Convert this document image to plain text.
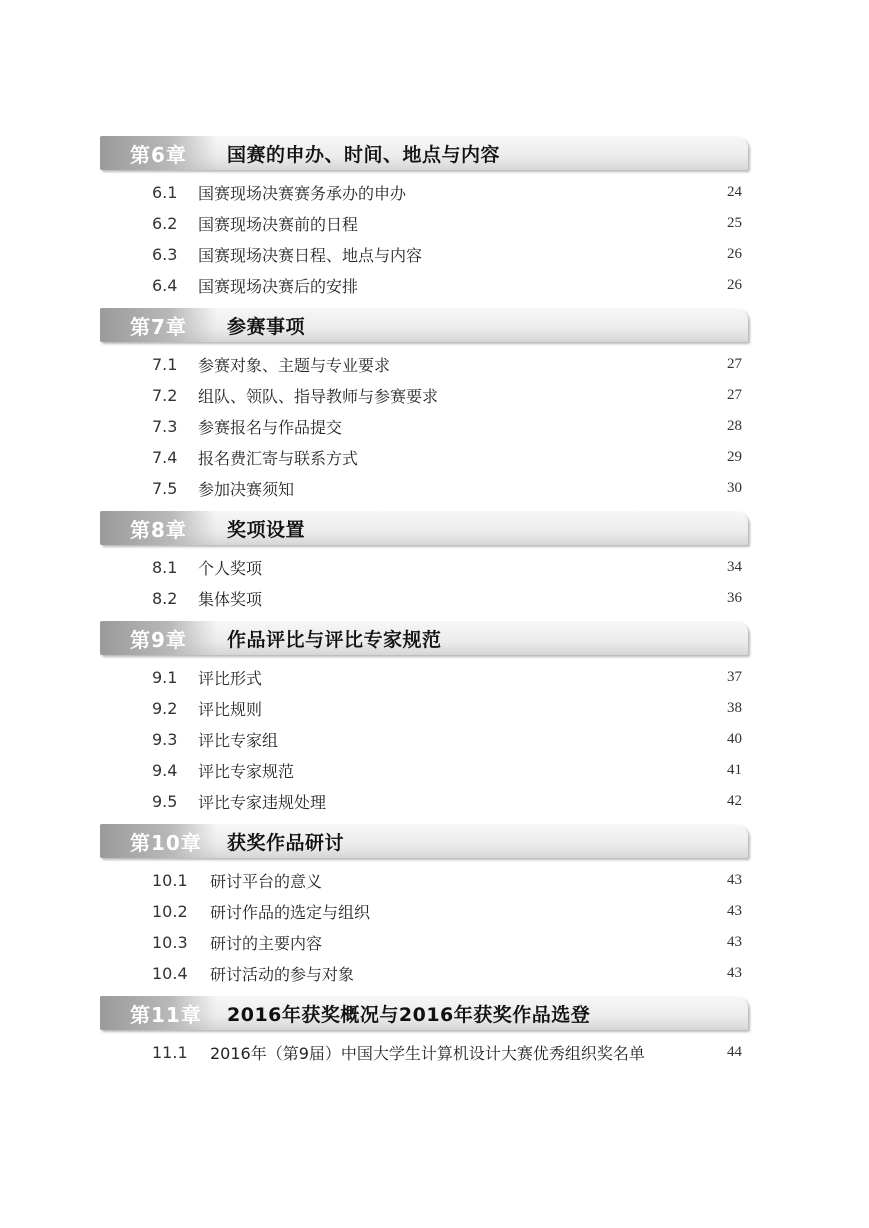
第6章	国赛的申办、时间、地点与内容
6.1 国赛现场决赛赛务承办的申办	24
6.2 国赛现场决赛前的日程	25
6.3 国赛现场决赛日程、地点与内容	26
6.4 国赛现场决赛后的安排	26
第7章	参赛事项
7.1 参赛对象、主题与专业要求	27
7.2 组队、领队、指导教师与参赛要求	27
7.3 参赛报名与作品提交	28
7.4 报名费汇寄与联系方式	29
7.5 参加决赛须知	30
第8章	奖项设置
8.1 个人奖项	34
8.2 集体奖项	36
第9章	作品评比与评比专家规范
9.1 评比形式	37
9.2 评比规则	38
9.3 评比专家组	40
9.4 评比专家规范	41
9.5 评比专家违规处理	42
第10章	获奖作品研讨
10.1 研讨平台的意义	43
10.2 研讨作品的选定与组织	43
10.3 研讨的主要内容	43
10.4 研讨活动的参与对象	43
第11章	2016年获奖概况与2016年获奖作品选登
11.1 2016年（第9届）中国大学生计算机设计大赛优秀组织奖名单	44
